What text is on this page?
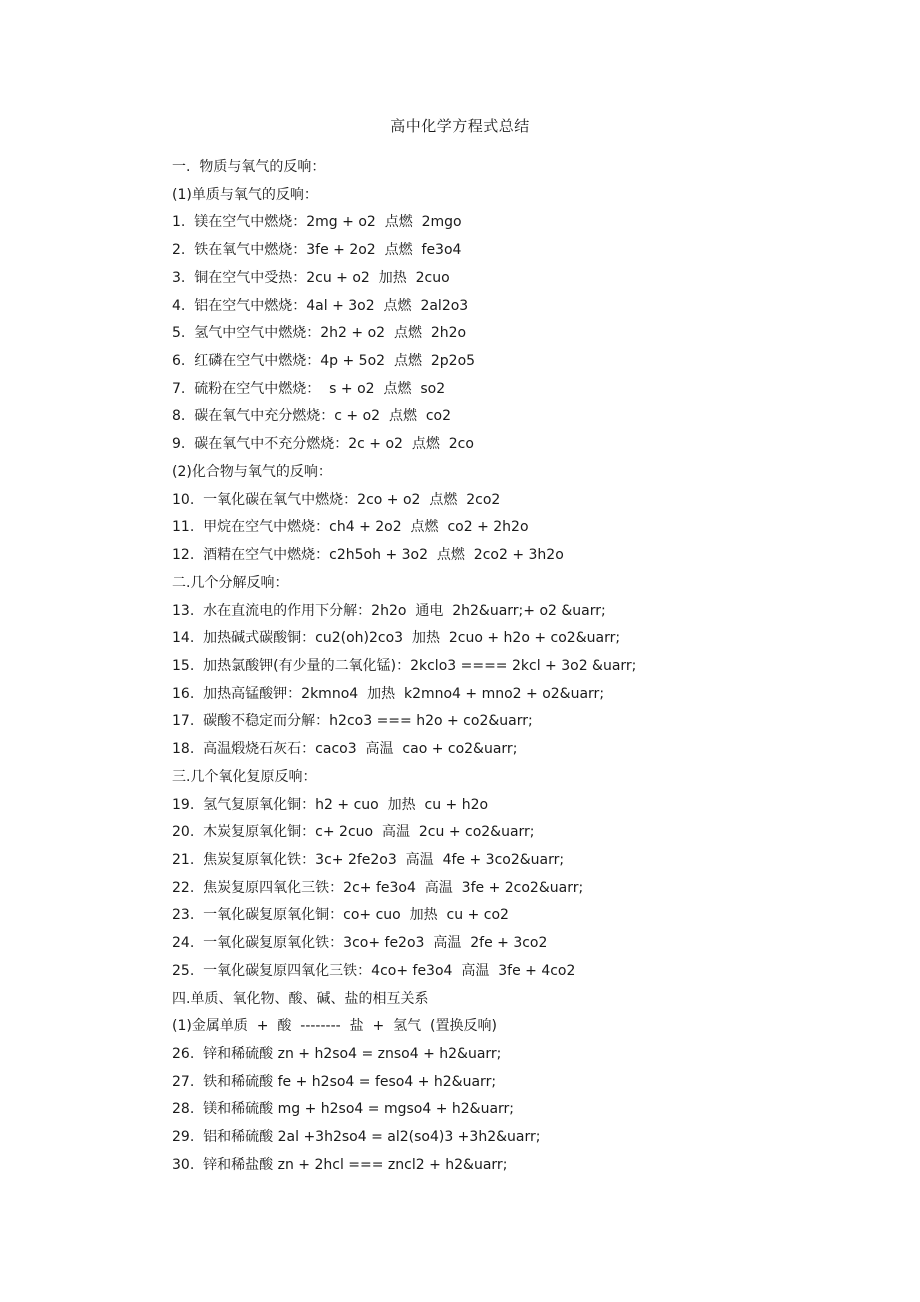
高中化学方程式总结
一.  物质与氧气的反响：
(1)单质与氧气的反响：
1.  镁在空气中燃烧：2mg + o2  点燃  2mgo
2.  铁在氧气中燃烧：3fe + 2o2  点燃  fe3o4
3.  铜在空气中受热：2cu + o2  加热  2cuo
4.  铝在空气中燃烧：4al + 3o2  点燃  2al2o3
5.  氢气中空气中燃烧：2h2 + o2  点燃  2h2o
6.  红磷在空气中燃烧：4p + 5o2  点燃  2p2o5
7.  硫粉在空气中燃烧：  s + o2  点燃  so2
8.  碳在氧气中充分燃烧：c + o2  点燃  co2
9.  碳在氧气中不充分燃烧：2c + o2  点燃  2co
(2)化合物与氧气的反响：
10.  一氧化碳在氧气中燃烧：2co + o2  点燃  2co2
11.  甲烷在空气中燃烧：ch4 + 2o2  点燃  co2 + 2h2o
12.  酒精在空气中燃烧：c2h5oh + 3o2  点燃  2co2 + 3h2o
二.几个分解反响：
13.  水在直流电的作用下分解：2h2o  通电  2h2&uarr;+ o2 &uarr;
14.  加热碱式碳酸铜：cu2(oh)2co3  加热  2cuo + h2o + co2&uarr;
15.  加热氯酸钾(有少量的二氧化锰)：2kclo3 ==== 2kcl + 3o2 &uarr;
16.  加热高锰酸钾：2kmno4  加热  k2mno4 + mno2 + o2&uarr;
17.  碳酸不稳定而分解：h2co3 === h2o + co2&uarr;
18.  高温煅烧石灰石：caco3  高温  cao + co2&uarr;
三.几个氧化复原反响：
19.  氢气复原氧化铜：h2 + cuo  加热  cu + h2o
20.  木炭复原氧化铜：c+ 2cuo  高温  2cu + co2&uarr;
21.  焦炭复原氧化铁：3c+ 2fe2o3  高温  4fe + 3co2&uarr;
22.  焦炭复原四氧化三铁：2c+ fe3o4  高温  3fe + 2co2&uarr;
23.  一氧化碳复原氧化铜：co+ cuo  加热  cu + co2
24.  一氧化碳复原氧化铁：3co+ fe2o3  高温  2fe + 3co2
25.  一氧化碳复原四氧化三铁：4co+ fe3o4  高温  3fe + 4co2
四.单质、氧化物、酸、碱、盐的相互关系
(1)金属单质  +  酸  --------  盐  +  氢气  (置换反响)
26.  锌和稀硫酸 zn + h2so4 = znso4 + h2&uarr;
27.  铁和稀硫酸 fe + h2so4 = feso4 + h2&uarr;
28.  镁和稀硫酸 mg + h2so4 = mgso4 + h2&uarr;
29.  铝和稀硫酸 2al +3h2so4 = al2(so4)3 +3h2&uarr;
30.  锌和稀盐酸 zn + 2hcl === zncl2 + h2&uarr;
